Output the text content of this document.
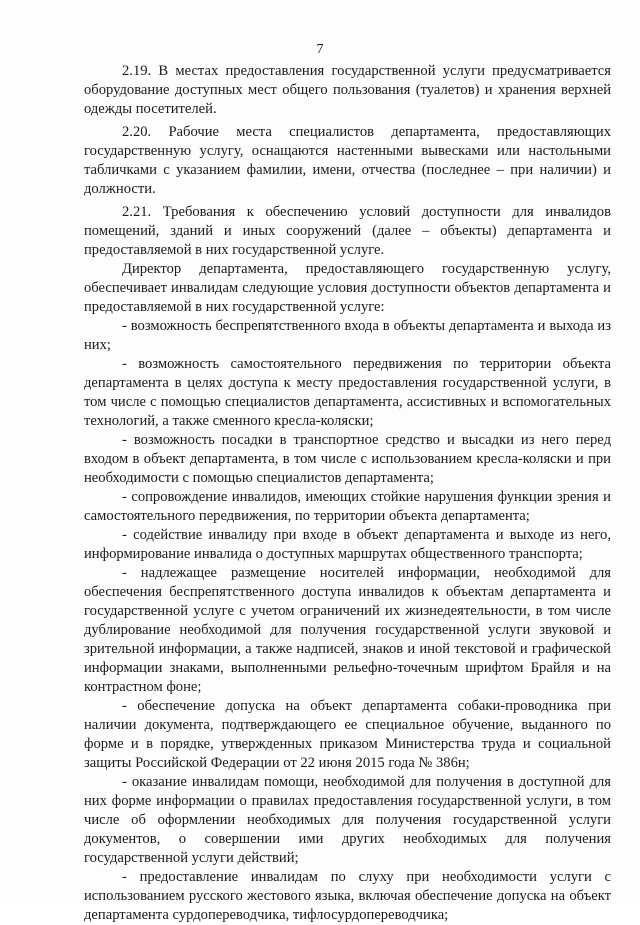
7

2.19. В местах предоставления государственной услуги предусматривается оборудование доступных мест общего пользования (туалетов) и хранения верхней одежды посетителей.

2.20. Рабочие места специалистов департамента, предоставляющих государственную услугу, оснащаются настенными вывесками или настольными табличками с указанием фамилии, имени, отчества (последнее – при наличии) и должности.

2.21. Требования к обеспечению условий доступности для инвалидов помещений, зданий и иных сооружений (далее – объекты) департамента и предоставляемой в них государственной услуге.

Директор департамента, предоставляющего государственную услугу, обеспечивает инвалидам следующие условия доступности объектов департамента и предоставляемой в них государственной услуге:

- возможность беспрепятственного входа в объекты департамента и выхода из них;

- возможность самостоятельного передвижения по территории объекта департамента в целях доступа к месту предоставления государственной услуги, в том числе с помощью специалистов департамента, ассистивных и вспомогательных технологий, а также сменного кресла-коляски;

- возможность посадки в транспортное средство и высадки из него перед входом в объект департамента, в том числе с использованием кресла-коляски и при необходимости с помощью специалистов департамента;

- сопровождение инвалидов, имеющих стойкие нарушения функции зрения и самостоятельного передвижения, по территории объекта департамента;

- содействие инвалиду при входе в объект департамента и выходе из него, информирование инвалида о доступных маршрутах общественного транспорта;

- надлежащее размещение носителей информации, необходимой для обеспечения беспрепятственного доступа инвалидов к объектам департамента и государственной услуге с учетом ограничений их жизнедеятельности, в том числе дублирование необходимой для получения государственной услуги звуковой и зрительной информации, а также надписей, знаков и иной текстовой и графической информации знаками, выполненными рельефно-точечным шрифтом Брайля и на контрастном фоне;

- обеспечение допуска на объект департамента собаки-проводника при наличии документа, подтверждающего ее специальное обучение, выданного по форме и в порядке, утвержденных приказом Министерства труда и социальной защиты Российской Федерации от 22 июня 2015 года № 386н;

- оказание инвалидам помощи, необходимой для получения в доступной для них форме информации о правилах предоставления государственной услуги, в том числе об оформлении необходимых для получения государственной услуги документов, о совершении ими других необходимых для получения государственной услуги действий;

- предоставление инвалидам по слуху при необходимости услуги с использованием русского жестового языка, включая обеспечение допуска на объект департамента сурдопереводчика, тифлосурдопереводчика;
